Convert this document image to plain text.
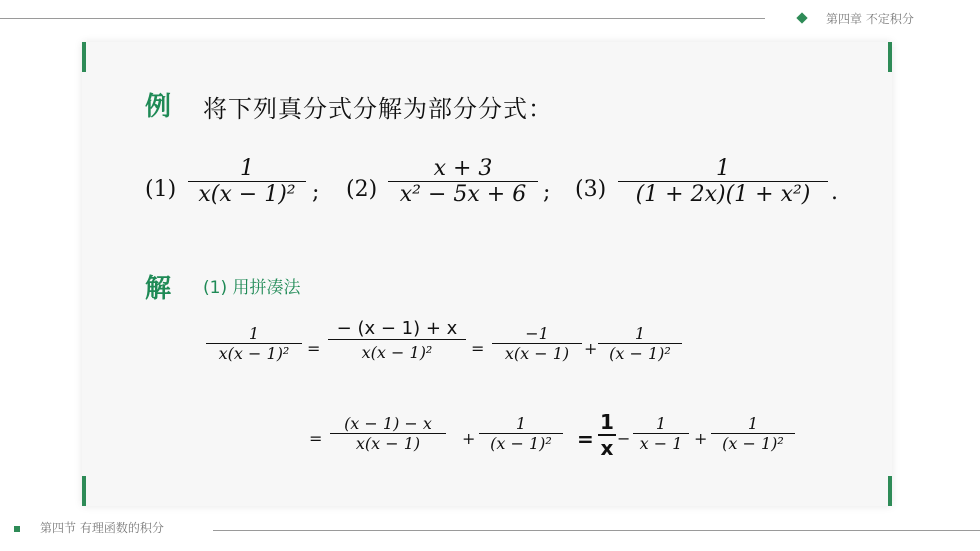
第四章 不定积分
例 将下列真分式分解为部分分式：
(1)
1
x(x − 1)² ; (2)
x + 3
x² − 5x + 6 ; (3)
1
(1 + 2x)(1 + x²) .
解 (1) 用拼凑法
1
x(x − 1)²	=
− (x − 1) + x
x(x − 1)²	=
−1
x(x − 1) +
1
(x − 1)²
=
(x − 1) − x
x(x − 1)	+
1
(x − 1)²	=
1
x −
1
x − 1 +
1
(x − 1)²
第四节 有理函数的积分
